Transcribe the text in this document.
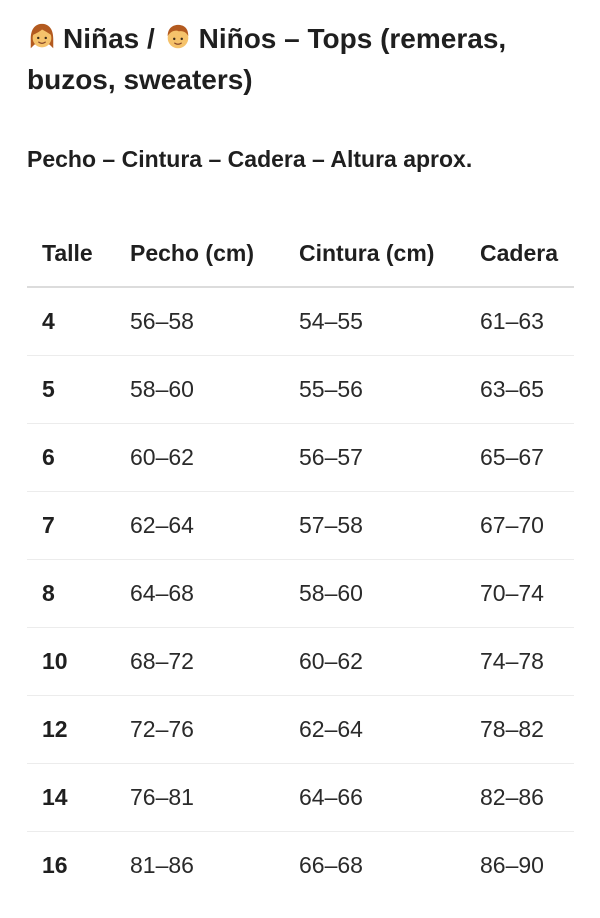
Niñas / Niños – Tops (remeras, buzos, sweaters)

Pecho – Cintura – Cadera – Altura aprox.

Talle	Pecho (cm)	Cintura (cm)	Cadera
4	56–58	54–55	61–63
5	58–60	55–56	63–65
6	60–62	56–57	65–67
7	62–64	57–58	67–70
8	64–68	58–60	70–74
10	68–72	60–62	74–78
12	72–76	62–64	78–82
14	76–81	64–66	82–86
16	81–86	66–68	86–90
